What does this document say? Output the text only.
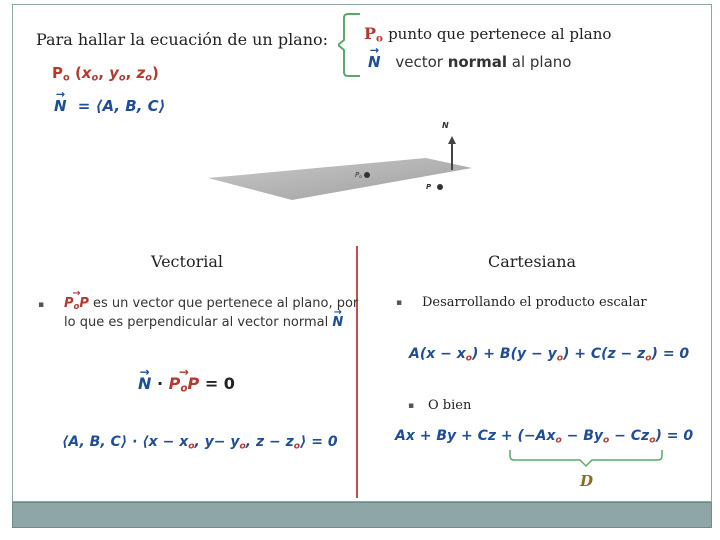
Para hallar la ecuación de un plano: $P_o$ punto que pertenece al plano
→ N vector normal al plano
$P_o$ ($x_o$, $y_o$, $z_o$)
→ N = ⟨A, B, C⟩
N
$P_o$
P
Vectorial
▪ → $P_oP$ es un vector que pertenece al plano, por
lo que es perpendicular al vector normal → N
→ N · → $P_oP = 0$
⟨A, B, C⟩ · ⟨x − $x_o$, $y- y_o$, $z - z_o⟩ = 0$
Cartesiana
▪ Desarrollando el producto escalar
$A(x - x_o) + B(y - y_o) + C(z - z_o) = 0$
▪ O bien
$Ax + By + Cz + (-Ax_o - By_o - Cz_o) = 0$
D
